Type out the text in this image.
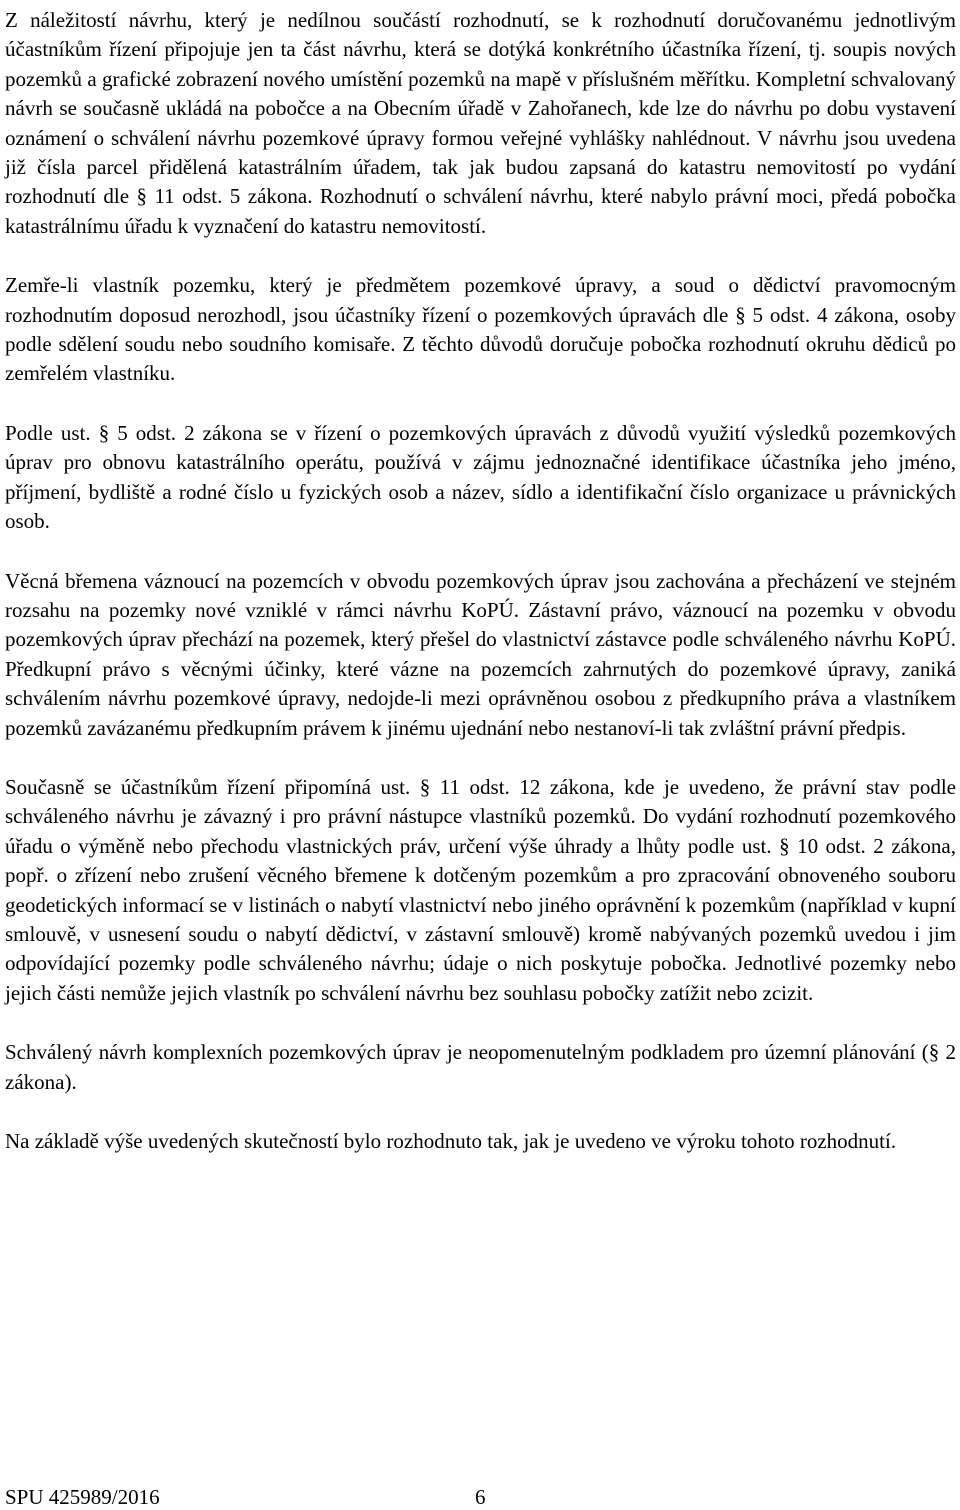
Z náležitostí návrhu, který je nedílnou součástí rozhodnutí, se k rozhodnutí doručovanému jednotlivým účastníkům řízení připojuje jen ta část návrhu, která se dotýká konkrétního účastníka řízení, tj. soupis nových pozemků a grafické zobrazení nového umístění pozemků na mapě v příslušném měřítku. Kompletní schvalovaný návrh se současně ukládá na pobočce a na Obecním úřadě v Zahořanech, kde lze do návrhu po dobu vystavení oznámení o schválení návrhu pozemkové úpravy formou veřejné vyhlášky nahlédnout. V návrhu jsou uvedena již čísla parcel přidělená katastrálním úřadem, tak jak budou zapsaná do katastru nemovitostí po vydání rozhodnutí dle § 11 odst. 5 zákona. Rozhodnutí o schválení návrhu, které nabylo právní moci, předá pobočka katastrálnímu úřadu k vyznačení do katastru nemovitostí.

Zemře-li vlastník pozemku, který je předmětem pozemkové úpravy, a soud o dědictví pravomocným rozhodnutím doposud nerozhodl, jsou účastníky řízení o pozemkových úpravách dle § 5 odst. 4 zákona, osoby podle sdělení soudu nebo soudního komisaře. Z těchto důvodů doručuje pobočka rozhodnutí okruhu dědiců po zemřelém vlastníku.

Podle ust. § 5 odst. 2 zákona se v řízení o pozemkových úpravách z důvodů využití výsledků pozemkových úprav pro obnovu katastrálního operátu, používá v zájmu jednoznačné identifikace účastníka jeho jméno, příjmení, bydliště a rodné číslo u fyzických osob a název, sídlo a identifikační číslo organizace u právnických osob.

Věcná břemena váznoucí na pozemcích v obvodu pozemkových úprav jsou zachována a přecházení ve stejném rozsahu na pozemky nové vzniklé v rámci návrhu KoPÚ. Zástavní právo, váznoucí na pozemku v obvodu pozemkových úprav přechází na pozemek, který přešel do vlastnictví zástavce podle schváleného návrhu KoPÚ. Předkupní právo s věcnými účinky, které vázne na pozemcích zahrnutých do pozemkové úpravy, zaniká schválením návrhu pozemkové úpravy, nedojde-li mezi oprávněnou osobou z předkupního práva a vlastníkem pozemků zavázanému předkupním právem k jinému ujednání nebo nestanoví-li tak zvláštní právní předpis.

Současně se účastníkům řízení připomíná ust. § 11 odst. 12 zákona, kde je uvedeno, že právní stav podle schváleného návrhu je závazný i pro právní nástupce vlastníků pozemků. Do vydání rozhodnutí pozemkového úřadu o výměně nebo přechodu vlastnických práv, určení výše úhrady a lhůty podle ust. § 10 odst. 2 zákona, popř. o zřízení nebo zrušení věcného břemene k dotčeným pozemkům a pro zpracování obnoveného souboru geodetických informací se v listinách o nabytí vlastnictví nebo jiného oprávnění k pozemkům (například v kupní smlouvě, v usnesení soudu o nabytí dědictví, v zástavní smlouvě) kromě nabývaných pozemků uvedou i jim odpovídající pozemky podle schváleného návrhu; údaje o nich poskytuje pobočka. Jednotlivé pozemky nebo jejich části nemůže jejich vlastník po schválení návrhu bez souhlasu pobočky zatížit nebo zcizit.

Schválený návrh komplexních pozemkových úprav je neopomenutelným podkladem pro územní plánování (§ 2 zákona).

Na základě výše uvedených skutečností bylo rozhodnuto tak, jak je uvedeno ve výroku tohoto rozhodnutí.

SPU 425989/2016	6
